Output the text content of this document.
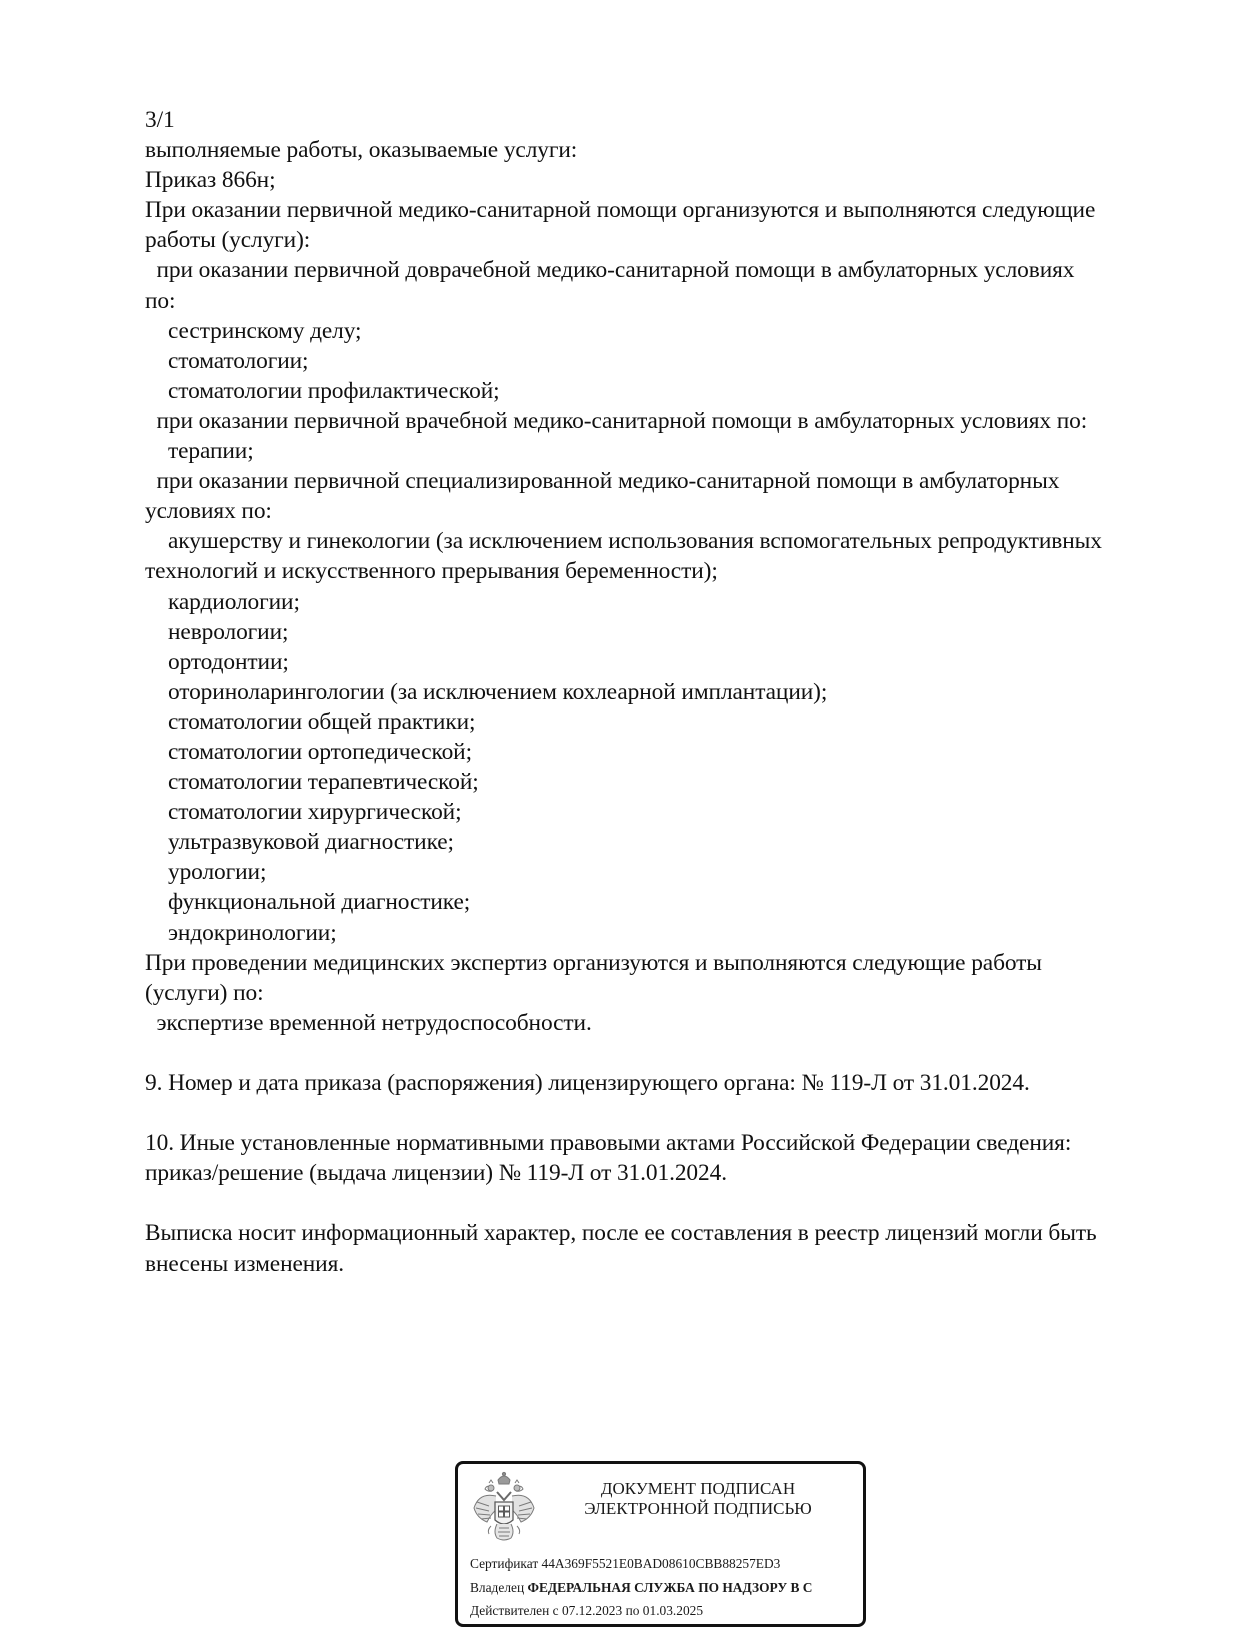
3/1
выполняемые работы, оказываемые услуги:
Приказ 866н;
При оказании первичной медико-санитарной помощи организуются и выполняются следующие
работы (услуги):
при оказании первичной доврачебной медико-санитарной помощи в амбулаторных условиях
по:
сестринскому делу;
стоматологии;
стоматологии профилактической;
при оказании первичной врачебной медико-санитарной помощи в амбулаторных условиях по:
терапии;
при оказании первичной специализированной медико-санитарной помощи в амбулаторных
условиях по:
акушерству и гинекологии (за исключением использования вспомогательных репродуктивных
технологий и искусственного прерывания беременности);
кардиологии;
неврологии;
ортодонтии;
оториноларингологии (за исключением кохлеарной имплантации);
стоматологии общей практики;
стоматологии ортопедической;
стоматологии терапевтической;
стоматологии хирургической;
ультразвуковой диагностике;
урологии;
функциональной диагностике;
эндокринологии;
При проведении медицинских экспертиз организуются и выполняются следующие работы
(услуги) по:
экспертизе временной нетрудоспособности.
9. Номер и дата приказа (распоряжения) лицензирующего органа: № 119-Л от 31.01.2024.
10. Иные установленные нормативными правовыми актами Российской Федерации сведения:
приказ/решение (выдача лицензии) № 119-Л от 31.01.2024.
Выписка носит информационный характер, после ее составления в реестр лицензий могли быть
внесены изменения.
ДОКУМЕНТ ПОДПИСАН
ЭЛЕКТРОННОЙ ПОДПИСЬЮ
Сертификат 44A369F5521E0BAD08610CBB88257ED3
Владелец ФЕДЕРАЛЬНАЯ СЛУЖБА ПО НАДЗОРУ В С
Действителен с 07.12.2023 по 01.03.2025
